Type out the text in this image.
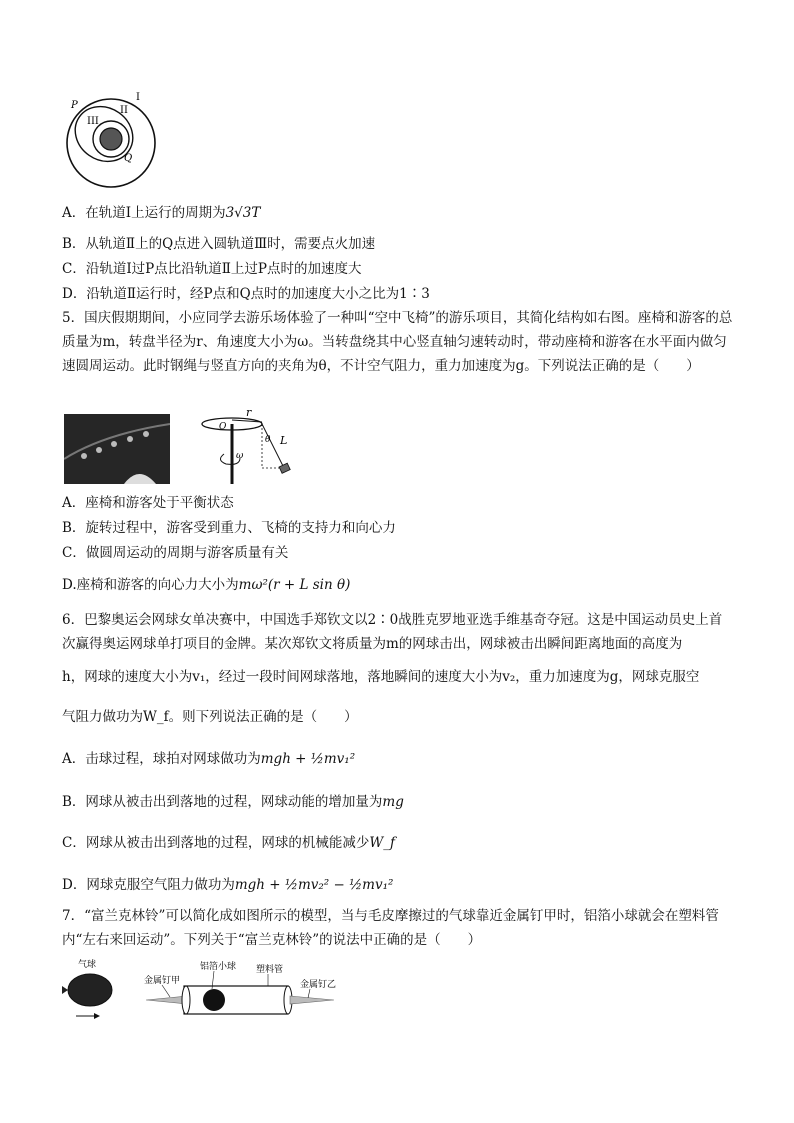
I
II
III
P
Q
A．在轨道Ⅰ上运行的周期为3√3T
B．从轨道Ⅱ上的Q点进入圆轨道Ⅲ时，需要点火加速
C．沿轨道Ⅰ过P点比沿轨道Ⅱ上过P点时的加速度大
D．沿轨道Ⅱ运行时，经P点和Q点时的加速度大小之比为1∶3
5．国庆假期期间，小应同学去游乐场体验了一种叫“空中飞椅”的游乐项目，其简化结构如右图。座椅和游客的总质量为m，转盘半径为r、角速度大小为ω。当转盘绕其中心竖直轴匀速转动时，带动座椅和游客在水平面内做匀速圆周运动。此时钢绳与竖直方向的夹角为θ，不计空气阻力，重力加速度为g。下列说法正确的是（　　）
r
O
θ L
ω
A．座椅和游客处于平衡状态
B．旋转过程中，游客受到重力、飞椅的支持力和向心力
C．做圆周运动的周期与游客质量有关
D.座椅和游客的向心力大小为mω²(r + L sin θ)
6．巴黎奥运会网球女单决赛中，中国选手郑钦文以2∶0战胜克罗地亚选手维基奇夺冠。这是中国运动员史上首次赢得奥运网球单打项目的金牌。某次郑钦文将质量为m的网球击出，网球被击出瞬间距离地面的高度为
h，网球的速度大小为v₁，经过一段时间网球落地，落地瞬间的速度大小为v₂，重力加速度为g，网球克服空
气阻力做功为W_f。则下列说法正确的是（　　）
A．击球过程，球拍对网球做功为mgh + ½mv₁²
B．网球从被击出到落地的过程，网球动能的增加量为mg
C．网球从被击出到落地的过程，网球的机械能减少W_f
D．网球克服空气阻力做功为mgh + ½mv₂² − ½mv₁²
7．“富兰克林铃”可以简化成如图所示的模型，当与毛皮摩擦过的气球靠近金属钉甲时，铝箔小球就会在塑料管内“左右来回运动”。下列关于“富兰克林铃”的说法中正确的是（　　）
气球
金属钉甲
铝箔小球 塑料管
金属钉乙
